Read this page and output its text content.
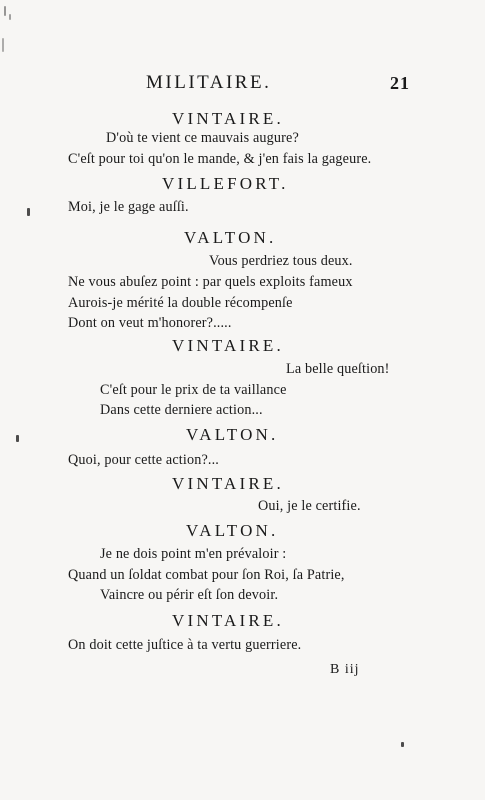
MILITAIRE.	21
VINTAIRE.
D'où te vient ce mauvais augure?
C'eſt pour toi qu'on le mande, & j'en fais la gageure.
VILLEFORT.
Moi, je le gage auſſi.
VALTON.
Vous perdriez tous deux.
Ne vous abuſez point : par quels exploits fameux
Aurois-je mérité la double récompenſe
Dont on veut m'honorer?.....
VINTAIRE.
La belle queſtion!
C'eſt pour le prix de ta vaillance
Dans cette derniere action...
VALTON.
Quoi, pour cette action?...
VINTAIRE.
Oui, je le certifie.
VALTON.
Je ne dois point m'en prévaloir :
Quand un ſoldat combat pour ſon Roi, ſa Patrie,
Vaincre ou périr eſt ſon devoir.
VINTAIRE.
On doit cette juſtice à ta vertu guerriere.
B iij
